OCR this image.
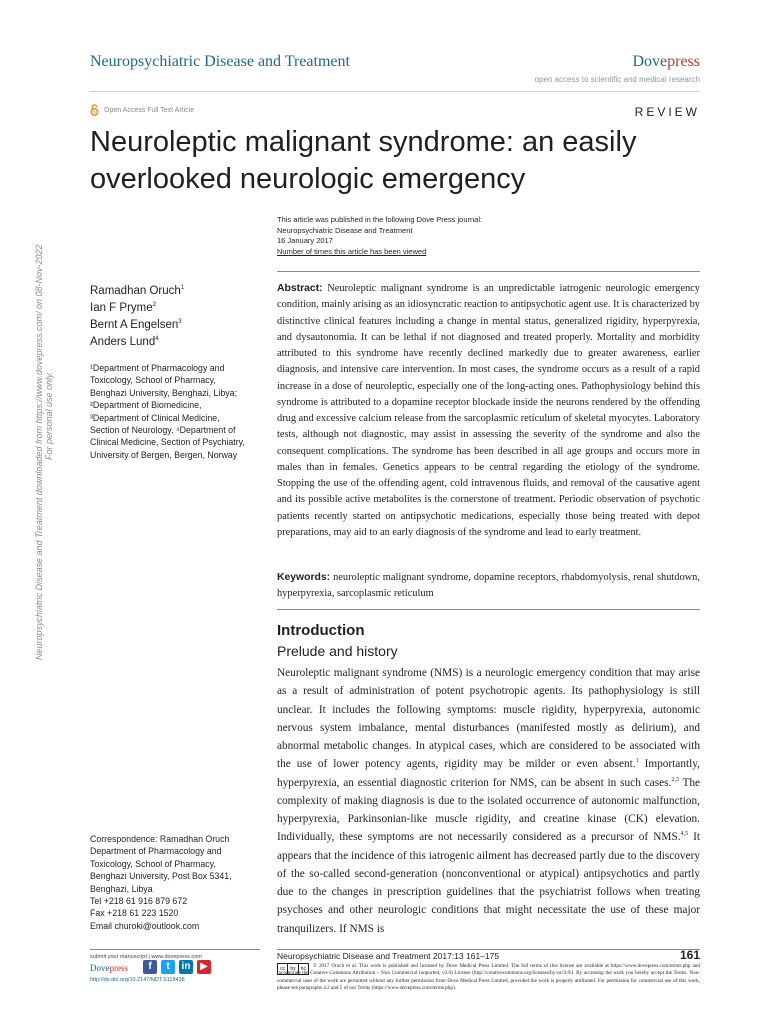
Neuropsychiatric Disease and Treatment	Dovepress
open access to scientific and medical research
Open Access Full Text Article	REVIEW
Neuroleptic malignant syndrome: an easily overlooked neurologic emergency
This article was published in the following Dove Press journal:
Neuropsychiatric Disease and Treatment
16 January 2017
Number of times this article has been viewed
Ramadhan Oruch$^1$
Ian F Pryme$^2$
Bernt A Engelsen$^3$
Anders Lund$^4$
¹Department of Pharmacology and Toxicology, School of Pharmacy, Benghazi University, Benghazi, Libya; ²Department of Biomedicine, ³Department of Clinical Medicine, Section of Neurology, ⁴Department of Clinical Medicine, Section of Psychiatry, University of Bergen, Bergen, Norway
Abstract: Neuroleptic malignant syndrome is an unpredictable iatrogenic neurologic emergency condition, mainly arising as an idiosyncratic reaction to antipsychotic agent use. It is characterized by distinctive clinical features including a change in mental status, generalized rigidity, hyperpyrexia, and dysautonomia. It can be lethal if not diagnosed and treated properly. Mortality and morbidity attributed to this syndrome have recently declined markedly due to greater awareness, earlier diagnosis, and intensive care intervention. In most cases, the syndrome occurs as a result of a rapid increase in a dose of neuroleptic, especially one of the long-acting ones. Pathophysiology behind this syndrome is attributed to a dopamine receptor blockade inside the neurons rendered by the offending drug and excessive calcium release from the sarcoplasmic reticulum of skeletal myocytes. Laboratory tests, although not diagnostic, may assist in assessing the severity of the syndrome and also the consequent complications. The syndrome has been described in all age groups and occurs more in males than in females. Genetics appears to be central regarding the etiology of the syndrome. Stopping the use of the offending agent, cold intravenous fluids, and removal of the causative agent and its possible active metabolites is the cornerstone of treatment. Periodic observation of psychotic patients recently started on antipsychotic medications, especially those being treated with depot preparations, may aid to an early diagnosis of the syndrome and lead to early treatment.
Keywords: neuroleptic malignant syndrome, dopamine receptors, rhabdomyolysis, renal shutdown, hyperpyrexia, sarcoplasmic reticulum
Introduction
Prelude and history
Neuroleptic malignant syndrome (NMS) is a neurologic emergency condition that may arise as a result of administration of potent psychotropic agents. Its pathophysiology is still unclear. It includes the following symptoms: muscle rigidity, hyperpyrexia, autonomic nervous system imbalance, mental disturbances (manifested mostly as delirium), and abnormal metabolic changes. In atypical cases, which are considered to be associated with the use of lower potency agents, rigidity may be milder or even absent.$^1$ Importantly, hyperpyrexia, an essential diagnostic criterion for NMS, can be absent in such cases.$^{2,3}$ The complexity of making diagnosis is due to the isolated occurrence of autonomic malfunction, hyperpyrexia, Parkinsonian-like muscle rigidity, and creatine kinase (CK) elevation. Individually, these symptoms are not necessarily considered as a precursor of NMS.$^{4,5}$ It appears that the incidence of this iatrogenic ailment has decreased partly due to the discovery of the so-called second-generation (nonconventional or atypical) antipsychotics and partly due to the changes in prescription guidelines that the psychiatrist follows when treating psychoses and other neurologic conditions that might necessitate the use of these major tranquilizers. If NMS is
Correspondence: Ramadhan Oruch
Department of Pharmacology and
Toxicology, School of Pharmacy,
Benghazi University, Post Box 5341,
Benghazi, Libya
Tel +218 61 916 879 672
Fax +218 61 223 1520
Email churoki@outlook.com
Neuropsychiatric Disease and Treatment downloaded from https://www.dovepress.com/ on 08-Nov-2022 For personal use only.
submit your manuscript | www.dovepress.com
Dovepress	f	t	in ▶
http://dx.doi.org/10.2147/NDT.S118438
Neuropsychiatric Disease and Treatment 2017:13 161–175	161
cc	by	nc	© 2017 Oruch et al. This work is published and licensed by Dove Medical Press Limited. The full terms of this license are available at https://www.dovepress.com/terms.php and incorporate the Creative Commons Attribution – Non Commercial (unported, v3.0) License (http://creativecommons.org/licenses/by-nc/3.0/). By accessing the work you hereby accept the Terms. Non-commercial uses of the work are permitted without any further permission from Dove Medical Press Limited, provided the work is properly attributed. For permission for commercial use of this work, please see paragraphs 4.2 and 5 of our Terms (https://www.dovepress.com/terms.php).
